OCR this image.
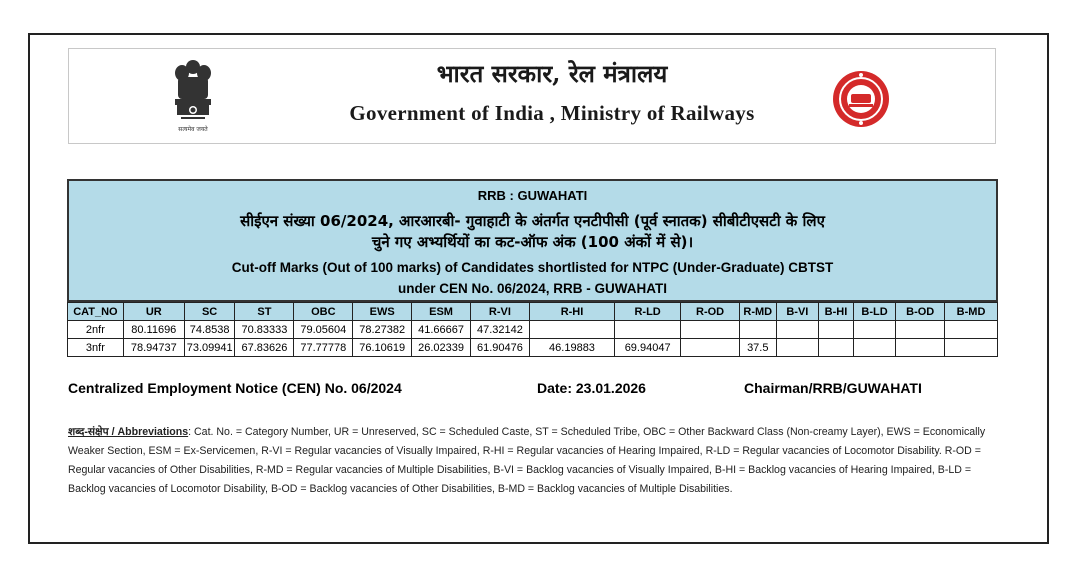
सत्यमेव जयते
भारत सरकार, रेल मंत्रालय
Government of India , Ministry of Railways
RRB : GUWAHATI
सीईएन संख्या 06/2024, आरआरबी- गुवाहाटी के अंतर्गत एनटीपीसी (पूर्व स्नातक) सीबीटीएसटी के लिए
चुने गए अभ्यर्थियों का कट-ऑफ अंक (100 अंकों में से)।
Cut-off Marks (Out of 100 marks) of Candidates shortlisted for NTPC (Under-Graduate) CBTST
under CEN No. 06/2024, RRB - GUWAHATI
CAT_NO	UR	SC	ST	OBC	EWS	ESM	R-VI	R-HI	R-LD	R-OD	R-MD	B-VI	B-HI	B-LD	B-OD	B-MD
2nfr	80.11696	74.8538	70.83333	79.05604	78.27382	41.66667	47.32142									
3nfr	78.94737	73.09941	67.83626	77.77778	76.10619	26.02339	61.90476	46.19883	69.94047		37.5					
Centralized Employment Notice (CEN) No. 06/2024	Date: 23.01.2026	Chairman/RRB/GUWAHATI
शब्द-संक्षेप / Abbreviations: Cat. No. = Category Number, UR = Unreserved, SC = Scheduled Caste, ST = Scheduled Tribe, OBC = Other Backward Class (Non-creamy Layer), EWS = Economically Weaker Section, ESM = Ex-Servicemen, R-VI = Regular vacancies of Visually Impaired, R-HI = Regular vacancies of Hearing Impaired, R-LD = Regular vacancies of Locomotor Disability. R-OD = Regular vacancies of Other Disabilities, R-MD = Regular vacancies of Multiple Disabilities, B-VI = Backlog vacancies of Visually Impaired, B-HI = Backlog vacancies of Hearing Impaired, B-LD = Backlog vacancies of Locomotor Disability, B-OD = Backlog vacancies of Other Disabilities, B-MD = Backlog vacancies of Multiple Disabilities.
